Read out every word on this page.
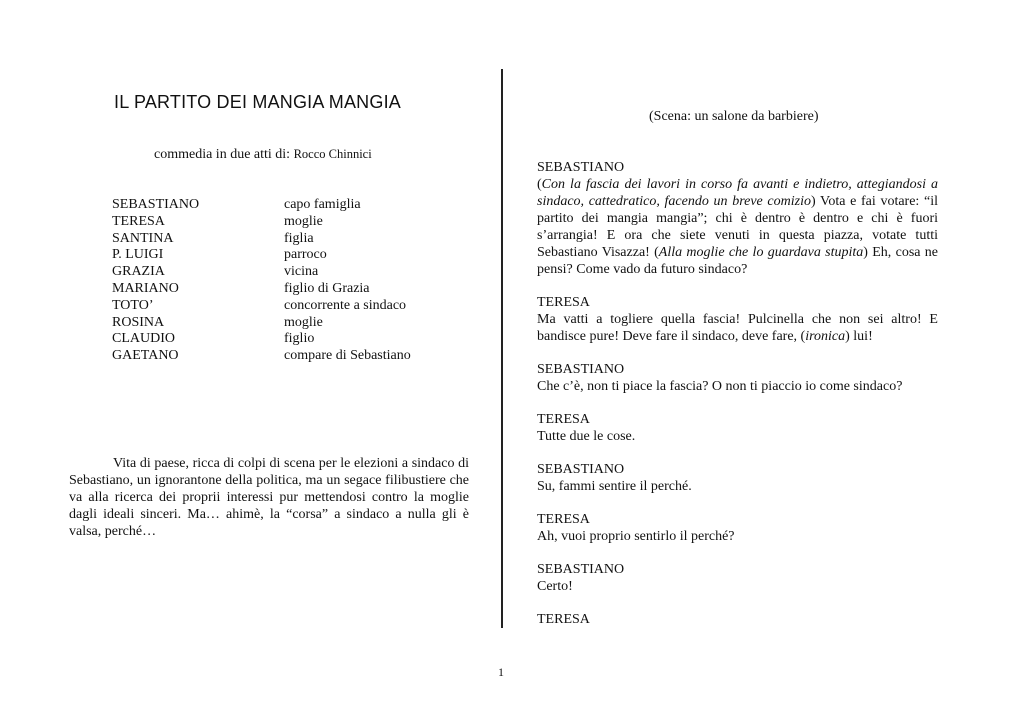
IL PARTITO DEI MANGIA MANGIA
commedia in due atti di: Rocco Chinnici
SEBASTIANO	capo famiglia
TERESA	moglie
SANTINA	figlia
P. LUIGI	parroco
GRAZIA	vicina
MARIANO	figlio di Grazia
TOTO’	concorrente a sindaco
ROSINA	moglie
CLAUDIO	figlio
GAETANO	compare di Sebastiano
Vita di paese, ricca di colpi di scena per le elezioni a sindaco di Sebastiano, un ignorantone della politica, ma un segace filibustiere che va alla ricerca dei proprii interessi pur mettendosi contro la moglie dagli ideali sinceri. Ma… ahimè, la “corsa” a sindaco a nulla gli è valsa, perché…
(Scena: un salone da barbiere)
SEBASTIANO
(Con la fascia dei lavori in corso fa avanti e indietro, attegiandosi a sindaco, cattedratico, facendo un breve comizio) Vota e fai votare: “il partito dei mangia mangia”; chi è dentro è dentro e chi è fuori s’arrangia! E ora che siete venuti in questa piazza, votate tutti Sebastiano Visazza! (Alla moglie che lo guardava stupita) Eh, cosa ne pensi? Come vado da futuro sindaco?
TERESA
Ma vatti a togliere quella fascia! Pulcinella che non sei altro! E bandisce pure! Deve fare il sindaco, deve fare, (ironica) lui!
SEBASTIANO
Che c’è, non ti piace la fascia? O non ti piaccio io come sindaco?
TERESA
Tutte due le cose.
SEBASTIANO
Su, fammi sentire il perché.
TERESA
Ah, vuoi proprio sentirlo il perché?
SEBASTIANO
Certo!
TERESA
1
